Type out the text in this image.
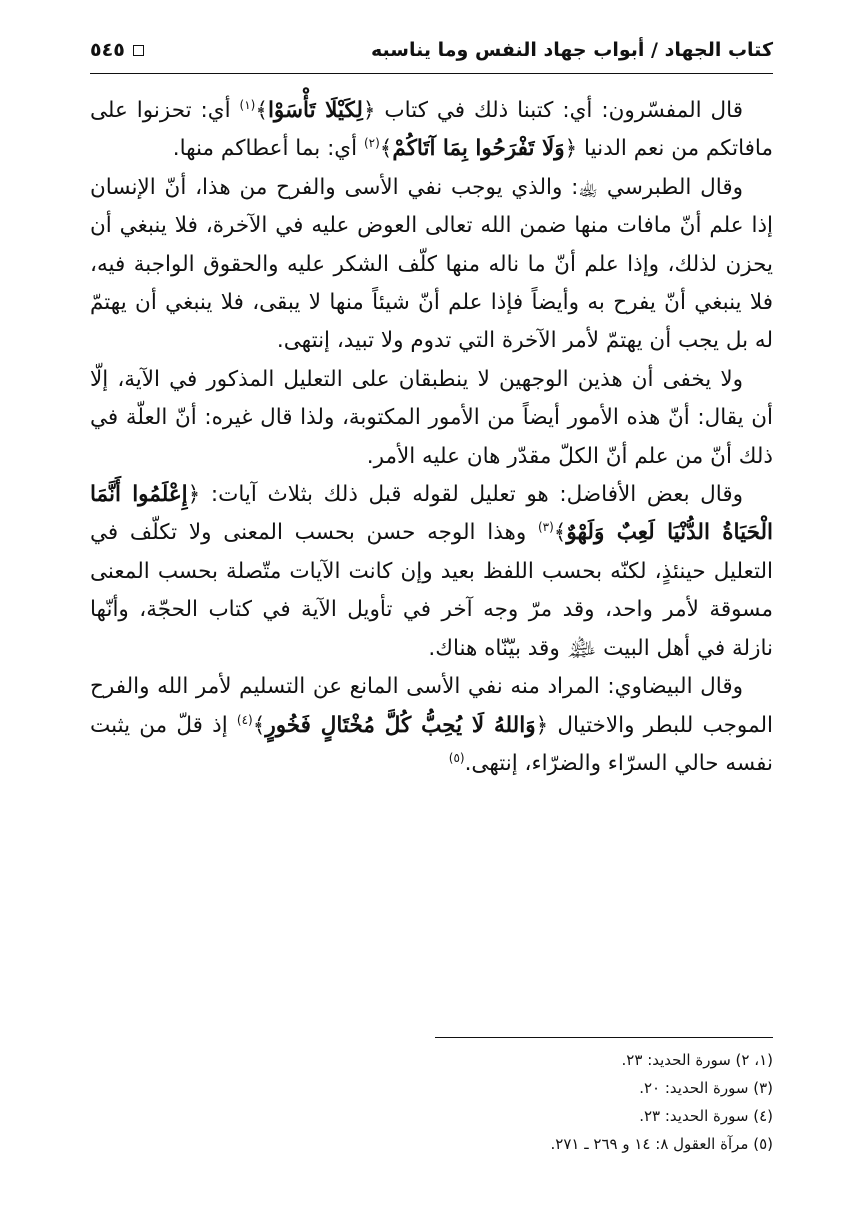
كتاب الجهاد / أبواب جهاد النفس وما يناسبه
٥٤٥

قال المفسّرون: أي: كتبنا ذلك في كتاب ﴿لِكَيْلَا تَأْسَوْا﴾$^{(١)}$ أي: تحزنوا على مافاتكم من نعم الدنيا ﴿وَلَا تَفْرَحُوا بِمَا آتَاكُمْ﴾$^{(٢)}$ أي: بما أعطاكم منها.

وقال الطبرسي ﵀: والذي يوجب نفي الأسى والفرح من هذا، أنّ الإنسان إذا علم أنّ مافات منها ضمن الله تعالى العوض عليه في الآخرة، فلا ينبغي أن يحزن لذلك، وإذا علم أنّ ما ناله منها كلّف الشكر عليه والحقوق الواجبة فيه، فلا ينبغي أنّ يفرح به وأيضاً فإذا علم أنّ شيئاً منها لا يبقى، فلا ينبغي أن يهتمّ له بل يجب أن يهتمّ لأمر الآخرة التي تدوم ولا تبيد، إنتهى.

ولا يخفى أن هذين الوجهين لا ينطبقان على التعليل المذكور في الآية، إلّا أن يقال: أنّ هذه الأمور أيضاً من الأمور المكتوبة، ولذا قال غيره: أنّ العلّة في ذلك أنّ من علم أنّ الكلّ مقدّر هان عليه الأمر.

وقال بعض الأفاضل: هو تعليل لقوله قبل ذلك بثلاث آيات: ﴿إِعْلَمُوا أَنَّمَا الْحَيَاةُ الدُّنْيَا لَعِبٌ وَلَهْوٌ﴾$^{(٣)}$ وهذا الوجه حسن بحسب المعنى ولا تكلّف في التعليل حينئذٍ، لكنّه بحسب اللفظ بعيد وإن كانت الآيات متّصلة بحسب المعنى مسوقة لأمر واحد، وقد مرّ وجه آخر في تأويل الآية في كتاب الحجّة، وأنّها نازلة في أهل البيت ﵈ وقد بيّنّاه هناك.

وقال البيضاوي: المراد منه نفي الأسى المانع عن التسليم لأمر الله والفرح الموجب للبطر والاختيال ﴿وَاللهُ لَا يُحِبُّ كُلَّ مُخْتَالٍ فَخُورٍ﴾$^{(٤)}$ إذ قلّ من يثبت نفسه حالي السرّاء والضرّاء، إنتهى.$^{(٥)}$

(١، ٢) سورة الحديد: ٢٣.
(٣) سورة الحديد: ٢٠.
(٤) سورة الحديد: ٢٣.
(٥) مرآة العقول ٨: ١٤ و ٢٦٩ ـ ٢٧١.
